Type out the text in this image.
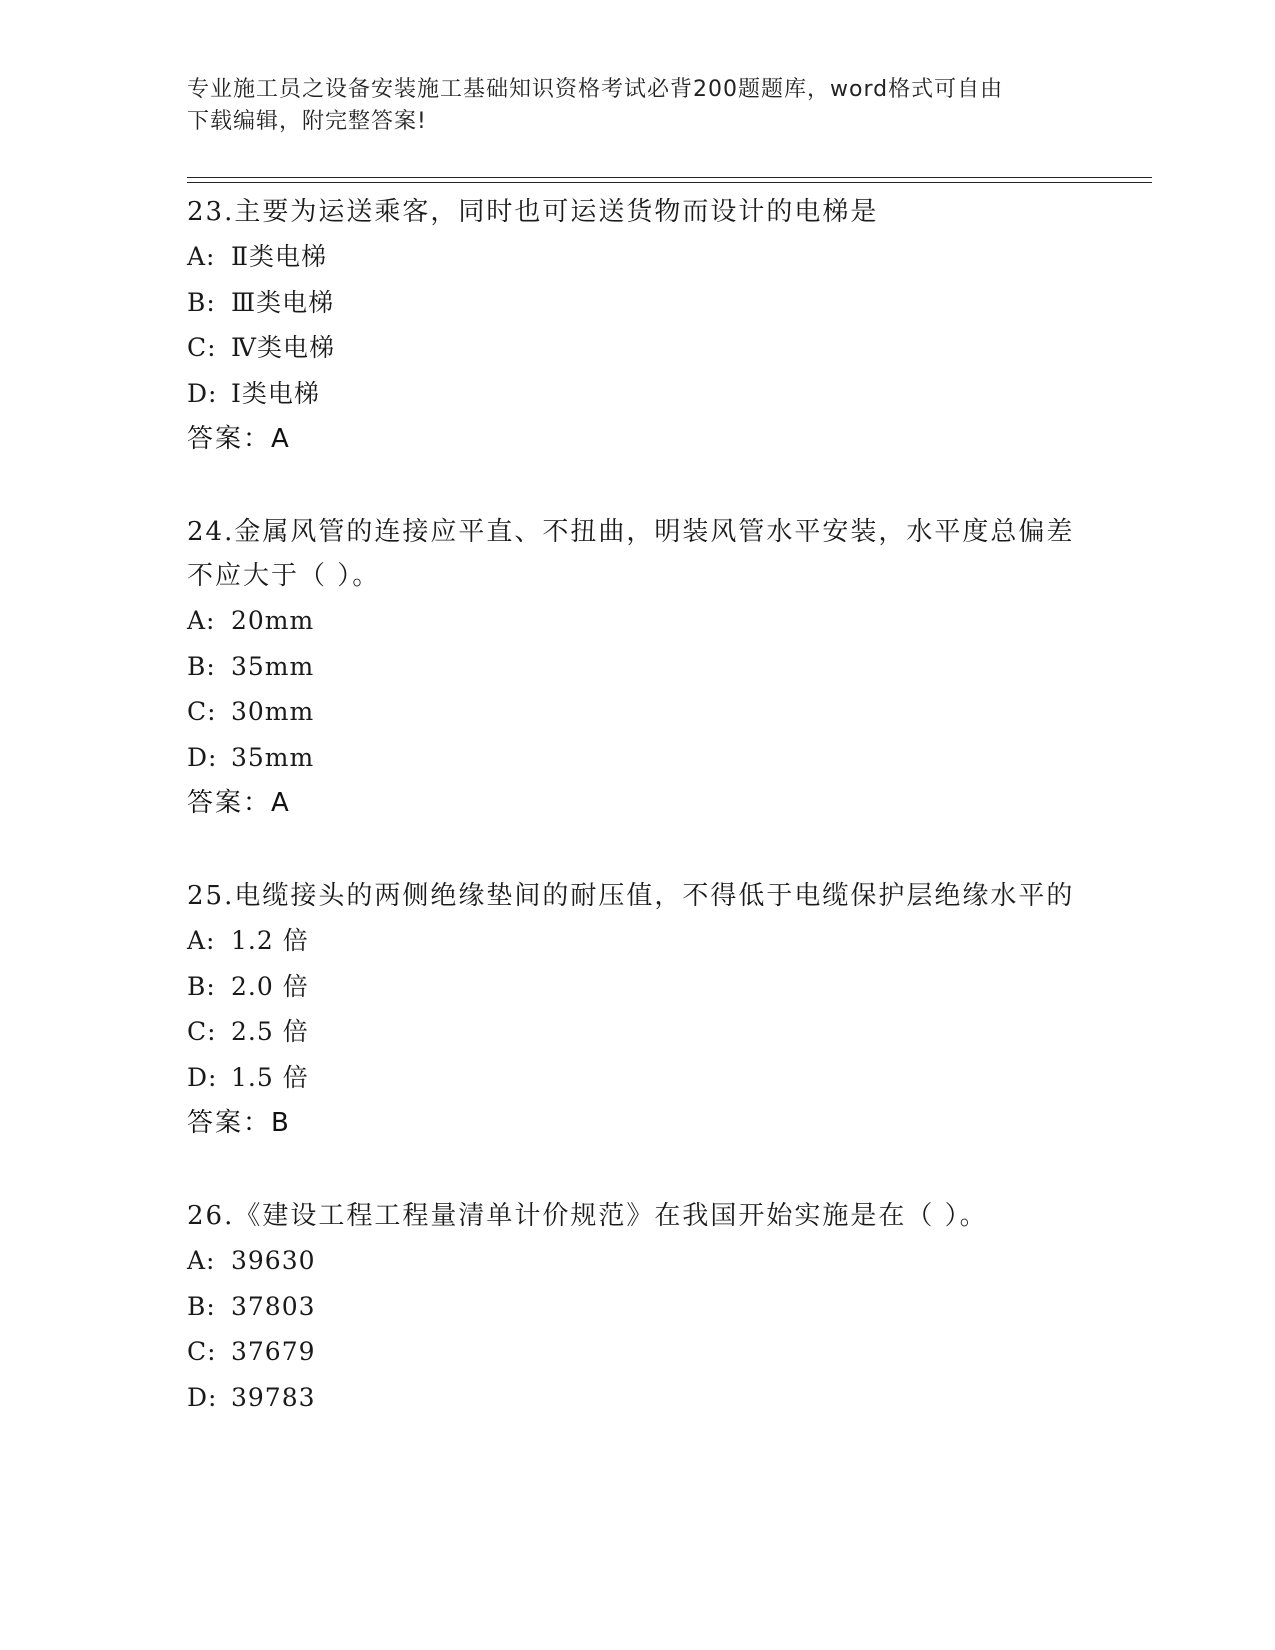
专业施工员之设备安装施工基础知识资格考试必背200题题库，word格式可自由
下载编辑，附完整答案!

23.主要为运送乘客，同时也可运送货物而设计的电梯是

A: Ⅱ类电梯

B: Ⅲ类电梯

C: Ⅳ类电梯

D: Ⅰ类电梯

答案：A

24.金属风管的连接应平直、不扭曲，明装风管水平安装，水平度总偏差不应大于（ ）。

A: 20mm

B: 35mm

C: 30mm

D: 35mm

答案：A

25.电缆接头的两侧绝缘垫间的耐压值，不得低于电缆保护层绝缘水平的

A: 1.2 倍

B: 2.0 倍

C: 2.5 倍

D: 1.5 倍

答案：B

26.《建设工程工程量清单计价规范》在我国开始实施是在（ ）。

A: 39630

B: 37803

C: 37679

D: 39783
